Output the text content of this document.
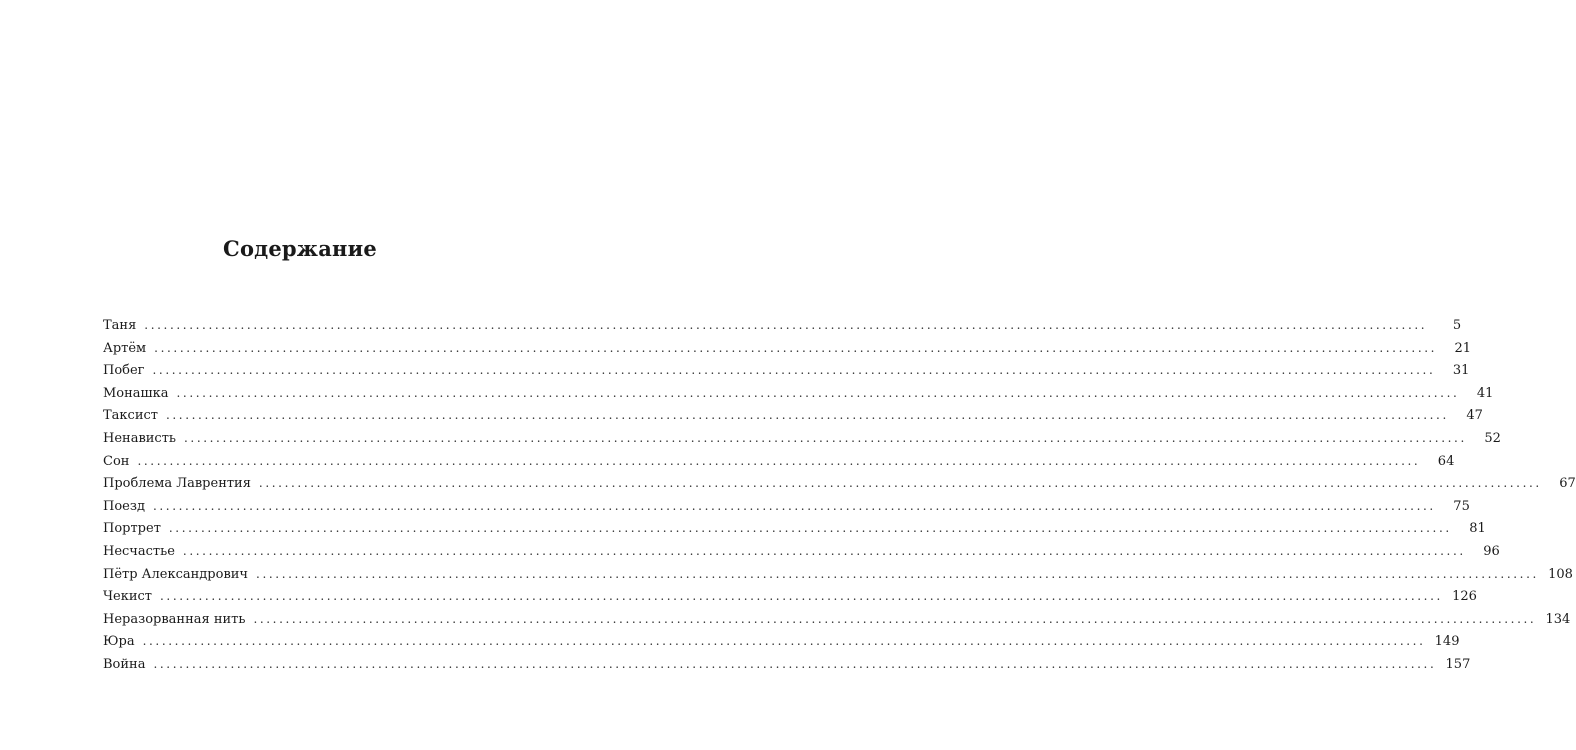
Содержание
Таня ........................................................................................................................................................................................................	5
Артём ........................................................................................................................................................................................................	21
Побег ........................................................................................................................................................................................................	31
Монашка ........................................................................................................................................................................................................	41
Таксист ........................................................................................................................................................................................................	47
Ненависть ........................................................................................................................................................................................................	52
Сон ........................................................................................................................................................................................................	64
Проблема Лаврентия ........................................................................................................................................................................................................	67
Поезд ........................................................................................................................................................................................................	75
Портрет ........................................................................................................................................................................................................	81
Несчастье ........................................................................................................................................................................................................	96
Пётр Александрович ........................................................................................................................................................................................................ 108
Чекист ........................................................................................................................................................................................................ 126
Неразорванная нить ........................................................................................................................................................................................................ 134
Юра ........................................................................................................................................................................................................ 149
Война ........................................................................................................................................................................................................ 157
